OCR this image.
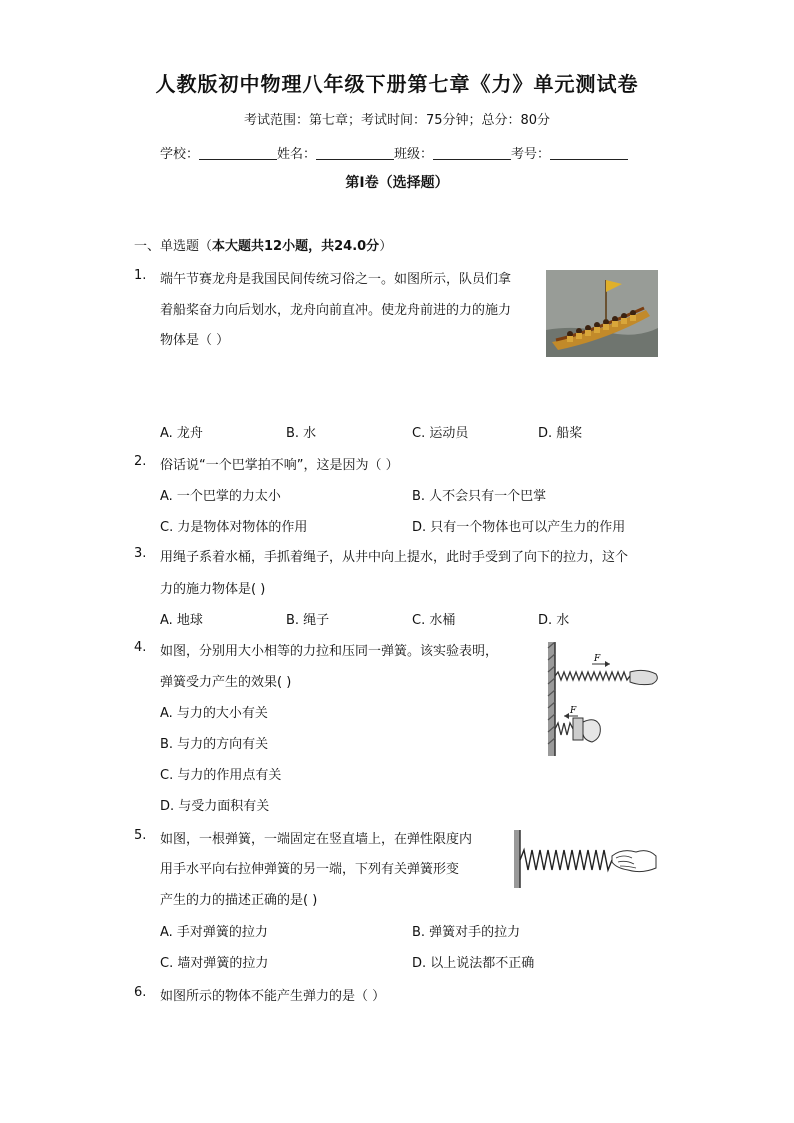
人教版初中物理八年级下册第七章《力》单元测试卷
考试范围：第七章；考试时间：75分钟；总分：80分
学校：	姓名：	班级：	考号：
第I卷（选择题）
一、单选题（本大题共12小题，共24.0分）
1. 端午节赛龙舟是我国民间传统习俗之一。如图所示，队员们拿
着船桨奋力向后划水，龙舟向前直冲。使龙舟前进的力的施力
物体是（ ）
A. 龙舟	B. 水	C. 运动员	D. 船桨
2. 俗话说“一个巴掌拍不响”，这是因为（ ）
A. 一个巴掌的力太小	B. 人不会只有一个巴掌
C. 力是物体对物体的作用	D. 只有一个物体也可以产生力的作用
3. 用绳子系着水桶，手抓着绳子，从井中向上提水，此时手受到了向下的拉力，这个
力的施力物体是( )
A. 地球	B. 绳子	C. 水桶	D. 水
4. 如图，分别用大小相等的力拉和压同一弹簧。该实验表明，
弹簧受力产生的效果( )
A. 与力的大小有关
B. 与力的方向有关
C. 与力的作用点有关
D. 与受力面积有关
F
F
5. 如图，一根弹簧，一端固定在竖直墙上，在弹性限度内
用手水平向右拉伸弹簧的另一端，下列有关弹簧形变
产生的力的描述正确的是( )
A. 手对弹簧的拉力	B. 弹簧对手的拉力
C. 墙对弹簧的拉力	D. 以上说法都不正确
6. 如图所示的物体不能产生弹力的是（ ）
